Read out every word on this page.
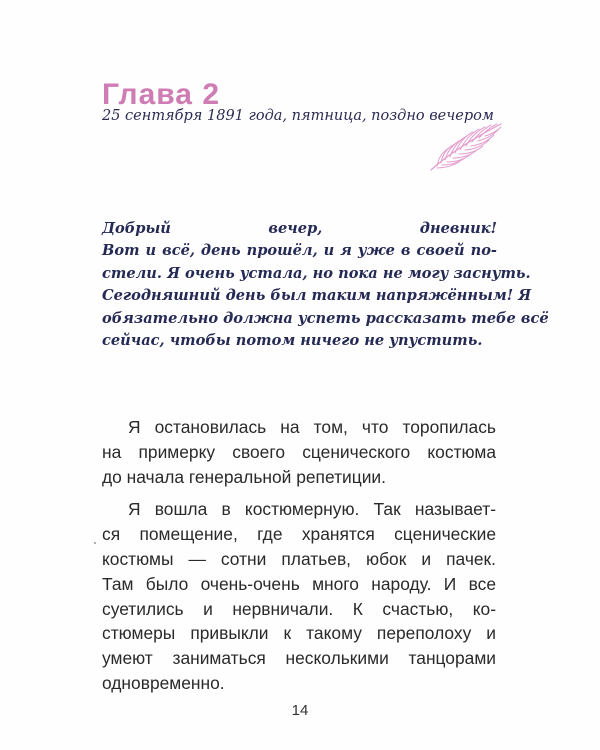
Глава 2

25 сентября 1891 года, пятница, поздно вечером

Добрый вечер, дневник!
Вот и всё, день прошёл, и я уже в своей по-
стели. Я очень устала, но пока не могу заснуть.
Сегодняшний день был таким напряжённым! Я
обязательно должна успеть рассказать тебе всё
сейчас, чтобы потом ничего не упустить.
Я остановилась на том, что торопилась
на примерку своего сценического костюма
до начала генеральной репетиции.
Я вошла в костюмерную. Так называет-
ся помещение, где хранятся сценические
костюмы — сотни платьев, юбок и пачек.
Там было очень-очень много народу. И все
суетились и нервничали. К счастью, ко-
стюмеры привыкли к такому переполоху и
умеют заниматься несколькими танцорами
одновременно.

14
